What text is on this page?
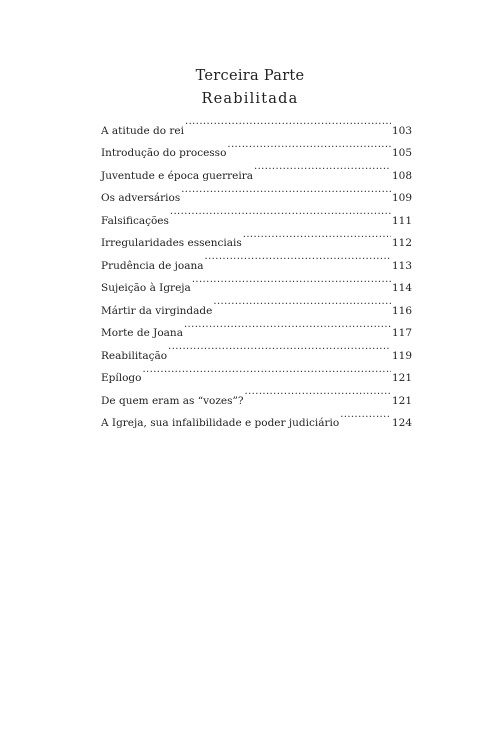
Terceira Parte
Reabilitada
A atitude do rei .....	103
Introdução do processo .....	105
Juventude e época guerreira .....	108
Os adversários .....	109
Falsificações .....	111
Irregularidades essenciais .....	112
Prudência de joana .....	113
Sujeição à Igreja .....	114
Mártir da virgindade .....	116
Morte de Joana .....	117
Reabilitação .....	119
Epílogo .....	121
De quem eram as “vozes”? .....	121
A Igreja, sua infalibilidade e poder judiciário .....	124
